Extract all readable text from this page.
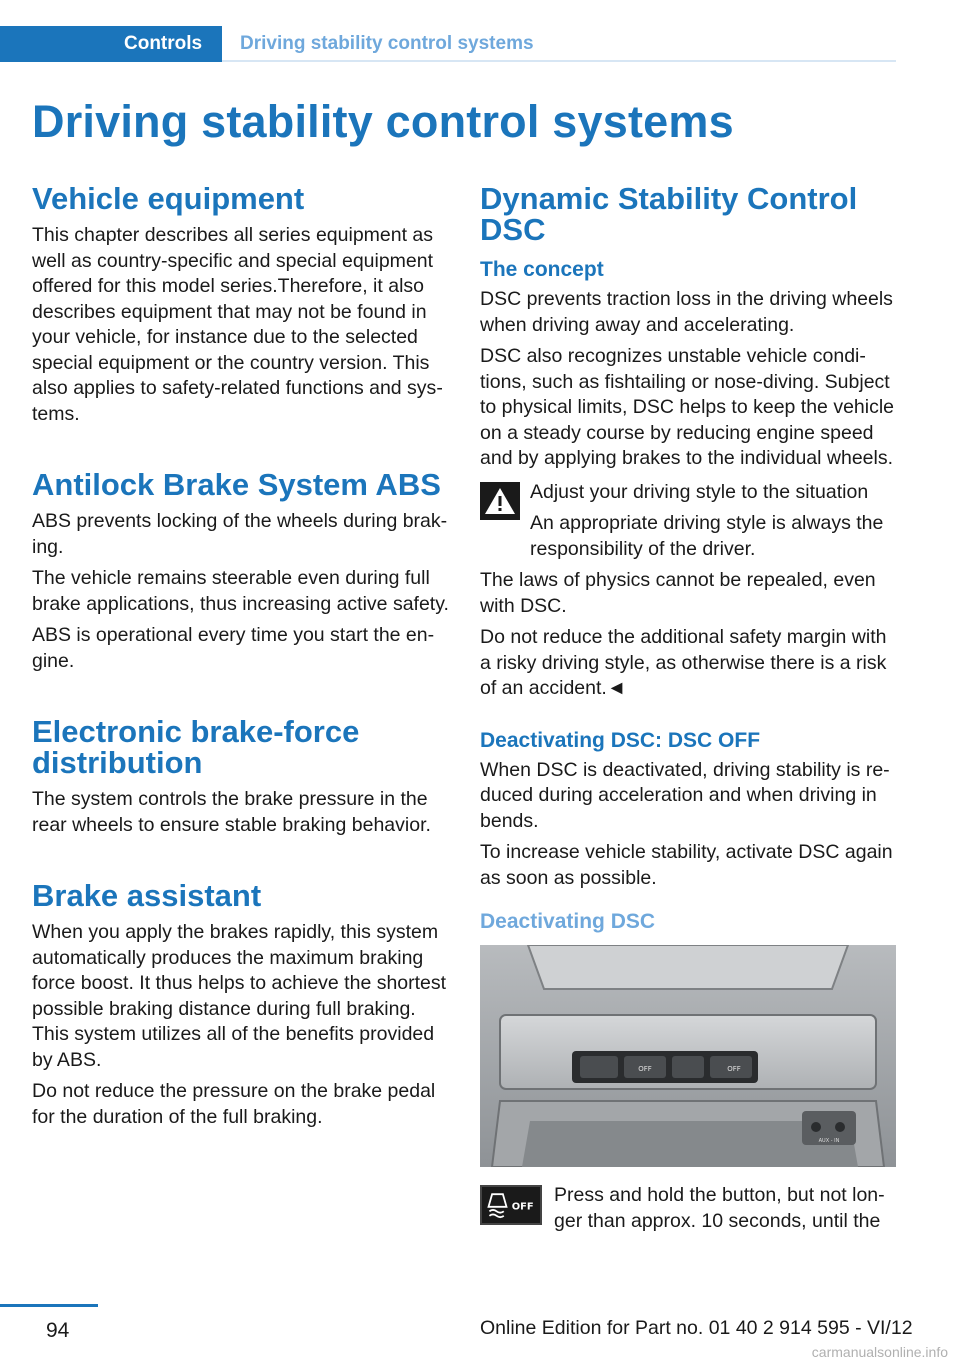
Controls	Driving stability control systems
Driving stability control systems
Vehicle equipment

This chapter describes all series equipment as well as country-specific and special equipment offered for this model series.Therefore, it also describes equipment that may not be found in your vehicle, for instance due to the selected special equipment or the country version. This also applies to safety-related functions and systems.

Antilock Brake System ABS

ABS prevents locking of the wheels during braking.

The vehicle remains steerable even during full brake applications, thus increasing active safety.

ABS is operational every time you start the engine.

Electronic brake-force distribution

The system controls the brake pressure in the rear wheels to ensure stable braking behavior.

Brake assistant

When you apply the brakes rapidly, this system automatically produces the maximum braking force boost. It thus helps to achieve the shortest possible braking distance during full braking. This system utilizes all of the benefits provided by ABS.

Do not reduce the pressure on the brake pedal for the duration of the full braking.

Dynamic Stability Control DSC
The concept

DSC prevents traction loss in the driving wheels when driving away and accelerating.

DSC also recognizes unstable vehicle conditions, such as fishtailing or nose-diving. Subject to physical limits, DSC helps to keep the vehicle on a steady course by reducing engine speed and by applying brakes to the individual wheels.

Adjust your driving style to the situation

An appropriate driving style is always the responsibility of the driver.

The laws of physics cannot be repealed, even with DSC.

Do not reduce the additional safety margin with a risky driving style, as otherwise there is a risk of an accident.◄

Deactivating DSC: DSC OFF

When DSC is deactivated, driving stability is reduced during acceleration and when driving in bends.

To increase vehicle stability, activate DSC again as soon as possible.

Deactivating DSC
OFF	OFF
AUX - IN
OFF

Press and hold the button, but not longer than approx. 10 seconds, until the

94	Online Edition for Part no. 01 40 2 914 595 - VI/12
carmanualsonline.info
